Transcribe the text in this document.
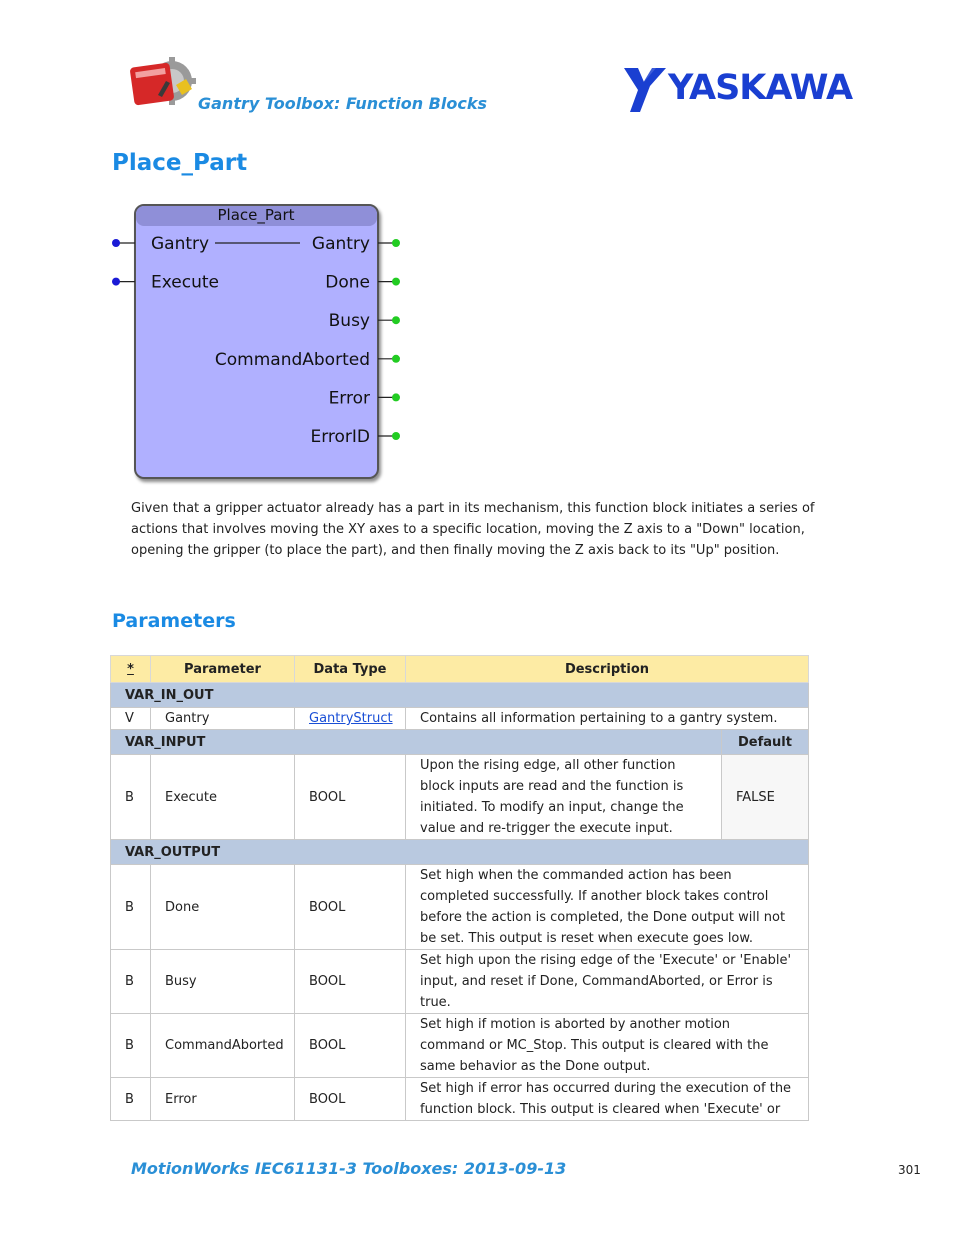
Gantry Toolbox: Function Blocks	YASKAWA
Place_Part
Place_Part
Gantry
Execute
Gantry
Done
Busy
CommandAborted
Error
ErrorID

Given that a gripper actuator already has a part in its mechanism, this function block initiates a series of actions that involves moving the XY axes to a specific location, moving the Z axis to a "Down" location, opening the gripper (to place the part), and then finally moving the Z axis back to its "Up" position.

Parameters
*	Parameter	Data Type	Description	
VAR_IN_OUT				
V	Gantry	GantryStruct	Contains all information pertaining to a gantry system.	
VAR_INPUT				Default
B	Execute	BOOL	Upon the rising edge, all other function block inputs are read and the function is initiated. To modify an input, change the value and re-trigger the execute input.	FALSE
VAR_OUTPUT				
B	Done	BOOL	Set high when the commanded action has been completed successfully. If another block takes control before the action is completed, the Done output will not be set. This output is reset when execute goes low.	
B	Busy	BOOL	Set high upon the rising edge of the 'Execute' or 'Enable' input, and reset if Done, CommandAborted, or Error is true.	
B	CommandAborted	BOOL	Set high if motion is aborted by another motion command or MC_Stop. This output is cleared with the same behavior as the Done output.	
B	Error	BOOL	Set high if error has occurred during the execution of the function block. This output is cleared when 'Execute' or	
MotionWorks IEC61131-3 Toolboxes: 2013-09-13	301
